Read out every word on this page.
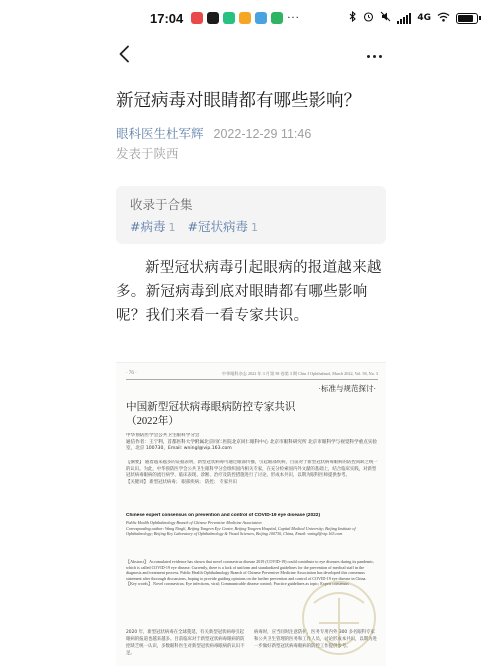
17:04	···	4G
新冠病毒对眼睛都有哪些影响？
眼科医生杜军辉 2022-12-29 11:46
发表于陕西
收录于合集
#病毒 1 #冠状病毒 1

新型冠状病毒引起眼病的报道越来越多。新冠病毒到底对眼睛都有哪些影响呢？我们来看一看专家共识。

· 76 ·	中华眼科杂志 2022 年 3 月第 58 卷第 3 期 Chin J Ophthalmol, March 2022, Vol. 58, No. 3
·标准与规范探讨·
中国新型冠状病毒眼病防控专家共识
（2022年）
中华预防医学会公共卫生眼科学分会
通信作者：王宁利，首都医科大学附属北京同仁医院北京同仁眼科中心 北京市眼科研究所 北京市眼科学与视觉科学重点实验室，北京 100730，Email: wningl@vip.163.com
【摘要】 随着越来越多的证据表明，新型冠状病毒可通过眼部传播，引起眼部疾病，目前对于新型冠状病毒眼病的防控尚缺乏统一的认识。为此，中华预防医学会公共卫生眼科学分会组织国内相关专家，在充分检索国内外文献的基础上，结合临床实践，对新型冠状病毒眼病的流行病学、临床表现、诊断、治疗及防控措施进行了讨论，形成本共识，以期为眼科医师提供参考。
【关键词】 新型冠状病毒； 眼部疾病； 防控； 专家共识
Chinese expert consensus on prevention and control of COVID-19 eye disease (2022)
Public Health Ophthalmology Branch of Chinese Preventive Medicine Association
Corresponding author: Wang Ningli, Beijing Tongren Eye Center, Beijing Tongren Hospital, Capital Medical University; Beijing Institute of Ophthalmology; Beijing Key Laboratory of Ophthalmology & Visual Sciences, Beijing 100730, China, Email: wningl@vip.163.com
【Abstract】 Accumulated evidence has shown that novel coronavirus disease 2019 (COVID-19) could contribute to eye diseases during its pandemic, which is called COVID-19 eye disease. Currently, there is a lack of uniform and standardized guidelines for the prevention of medical staff in the diagnosis and treatment process. Public Health Ophthalmology Branch of Chinese Preventive Medicine Association has developed this consensus statement after thorough discussions, hoping to provide guiding opinions on the further prevention and control of COVID-19 eye disease in China.
【Key words】 Novel coronavirus; Eye infections, viral; Communicable disease control; Practice guidelines as topic; Expert consensus
2020 年，新型冠状病毒在全球蔓延，有关新型冠状病毒引起眼病的报道也越来越多。目前临床对于新型冠状病毒眼病的防控缺乏统一认识，多数眼科医生对新型冠状病毒眼病的认识不足。
病毒时，应当同时注意防护，医务专用内外 300 多名眼科专家和公共卫生管理的医务和工作人员，讨论形成本共识，以期为进一步做好新型冠状病毒眼病的防控工作提供参考。
